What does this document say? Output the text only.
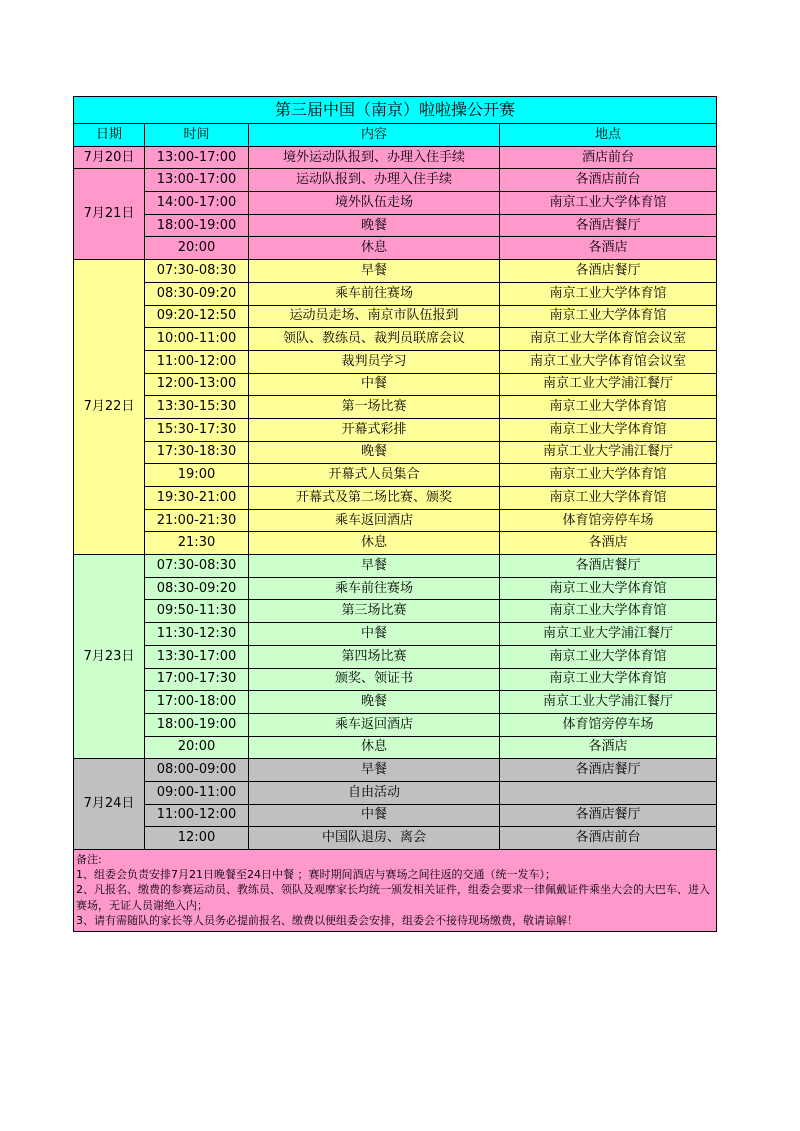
第三届中国（南京）啦啦操公开赛			
日期	时间	内容	地点
7月20日	13:00-17:00	境外运动队报到、办理入住手续	酒店前台
7月21日	13:00-17:00	运动队报到、办理入住手续	各酒店前台
	14:00-17:00	境外队伍走场	南京工业大学体育馆
	18:00-19:00	晚餐	各酒店餐厅
	20:00	休息	各酒店
7月22日	07:30-08:30	早餐	各酒店餐厅
	08:30-09:20	乘车前往赛场	南京工业大学体育馆
	09:20-12:50	运动员走场、南京市队伍报到	南京工业大学体育馆
	10:00-11:00	领队、教练员、裁判员联席会议	南京工业大学体育馆会议室
	11:00-12:00	裁判员学习	南京工业大学体育馆会议室
	12:00-13:00	中餐	南京工业大学浦江餐厅
	13:30-15:30	第一场比赛	南京工业大学体育馆
	15:30-17:30	开幕式彩排	南京工业大学体育馆
	17:30-18:30	晚餐	南京工业大学浦江餐厅
	19:00	开幕式人员集合	南京工业大学体育馆
	19:30-21:00	开幕式及第二场比赛、颁奖	南京工业大学体育馆
	21:00-21:30	乘车返回酒店	体育馆旁停车场
	21:30	休息	各酒店
7月23日	07:30-08:30	早餐	各酒店餐厅
	08:30-09:20	乘车前往赛场	南京工业大学体育馆
	09:50-11:30	第三场比赛	南京工业大学体育馆
	11:30-12:30	中餐	南京工业大学浦江餐厅
	13:30-17:00	第四场比赛	南京工业大学体育馆
	17:00-17:30	颁奖、领证书	南京工业大学体育馆
	17:00-18:00	晚餐	南京工业大学浦江餐厅
	18:00-19:00	乘车返回酒店	体育馆旁停车场
	20:00	休息	各酒店
7月24日	08:00-09:00	早餐	各酒店餐厅
	09:00-11:00	自由活动	
	11:00-12:00	中餐	各酒店餐厅
	12:00	中国队退房、离会	各酒店前台

备注:
1、组委会负责安排7月21日晚餐至24日中餐 ；赛时期间酒店与赛场之间往返的交通（统一发车）；
2、凡报名、缴费的参赛运动员、教练员、领队及观摩家长均统一颁发相关证件，组委会要求一律佩戴证件乘坐大会的大巴车、进入赛场，无证人员谢绝入内；
3、请有需随队的家长等人员务必提前报名、缴费以便组委会安排，组委会不接待现场缴费，敬请谅解！			
